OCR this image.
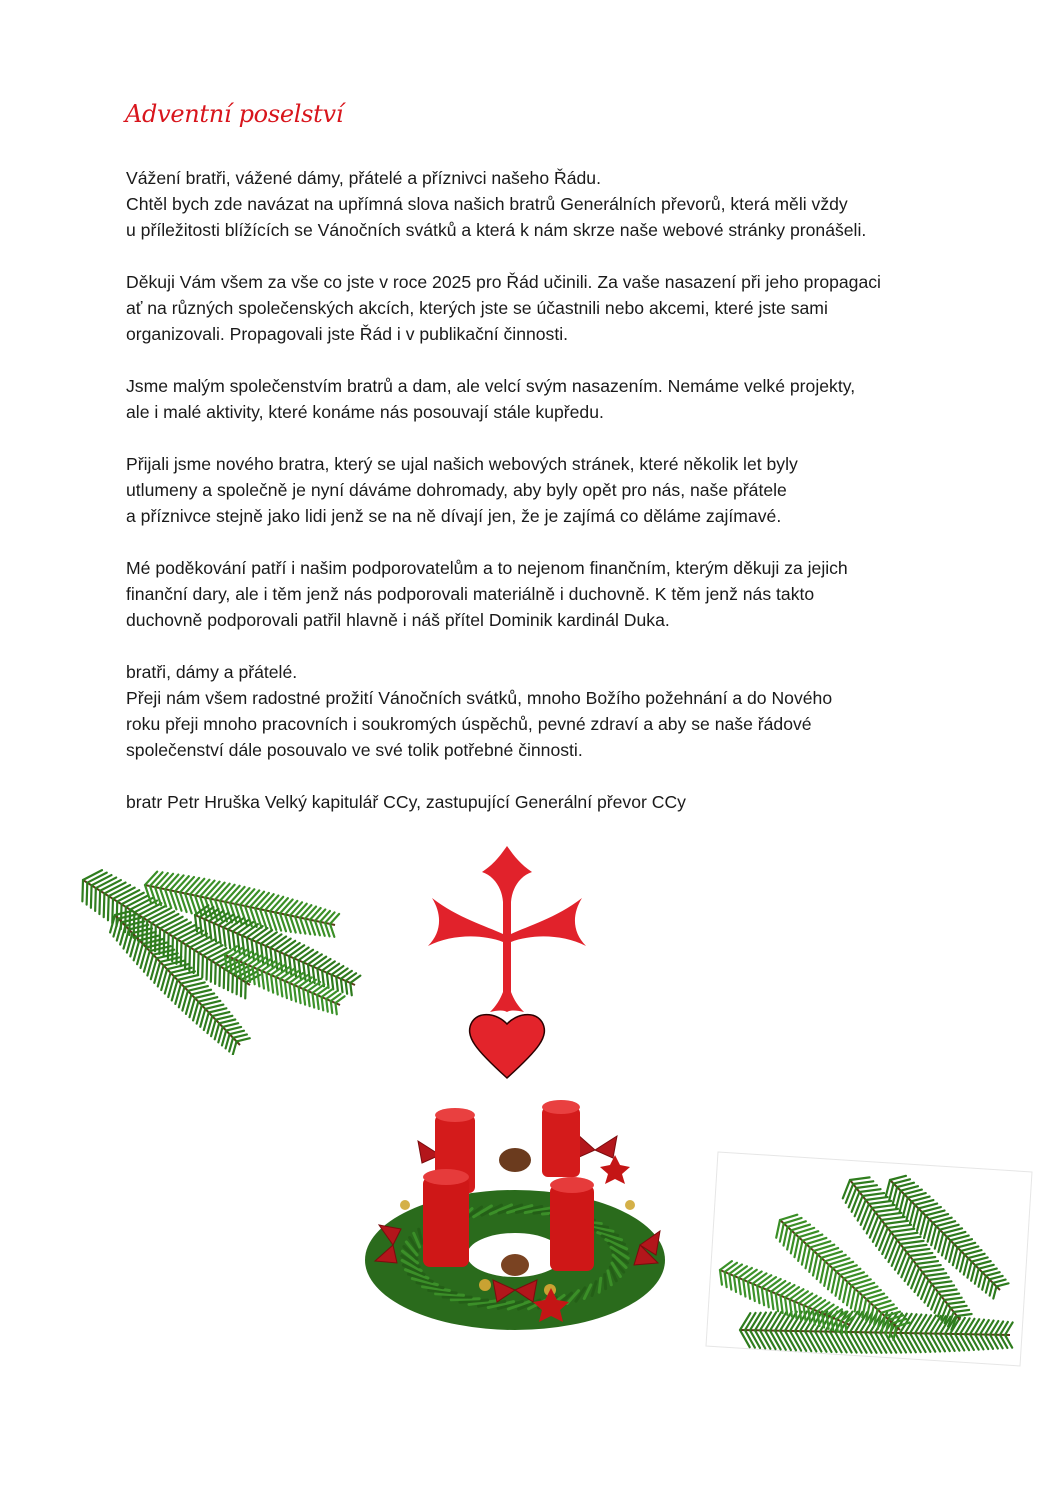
Adventní poselství
Vážení bratři, vážené dámy, přátelé a příznivci našeho Řádu.
Chtěl bych zde navázat na upřímná slova našich bratrů Generálních převorů, která měli vždy
u příležitosti blížících se Vánočních svátků a která k nám skrze naše webové stránky pronášeli.
Děkuji Vám všem za vše co jste v roce 2025 pro Řád učinili. Za vaše nasazení při jeho propagaci
ať na různých společenských akcích, kterých jste se účastnili nebo akcemi, které jste sami
organizovali. Propagovali jste Řád i v publikační činnosti.
Jsme malým společenstvím bratrů a dam, ale velcí svým nasazením. Nemáme velké projekty,
ale i malé aktivity, které konáme nás posouvají stále kupředu.
Přijali jsme nového bratra, který se ujal našich webových stránek, které několik let byly
utlumeny a společně je nyní dáváme dohromady, aby byly opět pro nás, naše přátele
a příznivce stejně jako lidi jenž se na ně dívají jen, že je zajímá co děláme zajímavé.
Mé poděkování patří i našim podporovatelům a to nejenom finančním, kterým děkuji za jejich
finanční dary, ale i těm jenž nás podporovali materiálně i duchovně. K těm jenž nás takto
duchovně podporovali patřil hlavně i náš přítel Dominik kardinál Duka.
bratři, dámy a přátelé.
Přeji nám všem radostné prožití Vánočních svátků, mnoho Božího požehnání a do Nového
roku přeji mnoho pracovních i soukromých úspěchů, pevné zdraví a aby se naše řádové
společenství dále posouvalo ve své tolik potřebné činnosti.
bratr Petr Hruška Velký kapitulář CCy, zastupující Generální převor CCy
